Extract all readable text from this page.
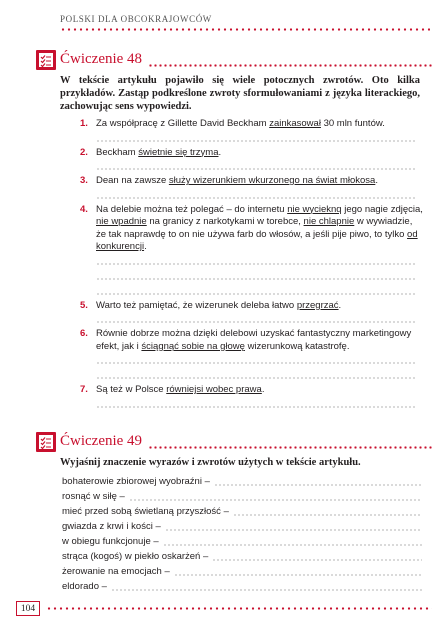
POLSKI DLA OBCOKRAJOWCÓW
Ćwiczenie 48
W tekście artykułu pojawiło się wiele potocznych zwrotów. Oto kilka przykładów. Zastąp podkreślone zwroty sformułowaniami z języka literackiego, zachowując sens wypowiedzi.
1. Za współpracę z Gillette David Beckham zainkasował 30 mln funtów.
2. Beckham świetnie się trzyma.
3. Dean na zawsze służy wizerunkiem wkurzonego na świat młokosa.
4. Na delebie można też polegać – do internetu nie wycieknq jego nagie zdjęcia, nie wpadnie na granicy z narkotykami w torebce, nie chlapnie w wywiadzie, że tak naprawdę to on nie używa farb do włosów, a jeśli pije piwo, to tylko od konkurencji.
5. Warto też pamiętać, że wizerunek deleba łatwo przegrzać.
6. Równie dobrze można dzięki delebowi uzyskać fantastyczny marketingowy efekt, jak i ściągnąć sobie na głowę wizerunkową katastrofę.
7. Są też w Polsce równiejsi wobec prawa.
Ćwiczenie 49
Wyjaśnij znaczenie wyrazów i zwrotów użytych w tekście artykułu.
bohaterowie zbiorowej wyobraźni –
rosnąć w siłę –
mieć przed sobą świetlaną przyszłość –
gwiazda z krwi i kości –
w obiegu funkcjonuje –
strąca (kogoś) w piekło oskarżeń –
żerowanie na emocjach –
eldorado –
104
